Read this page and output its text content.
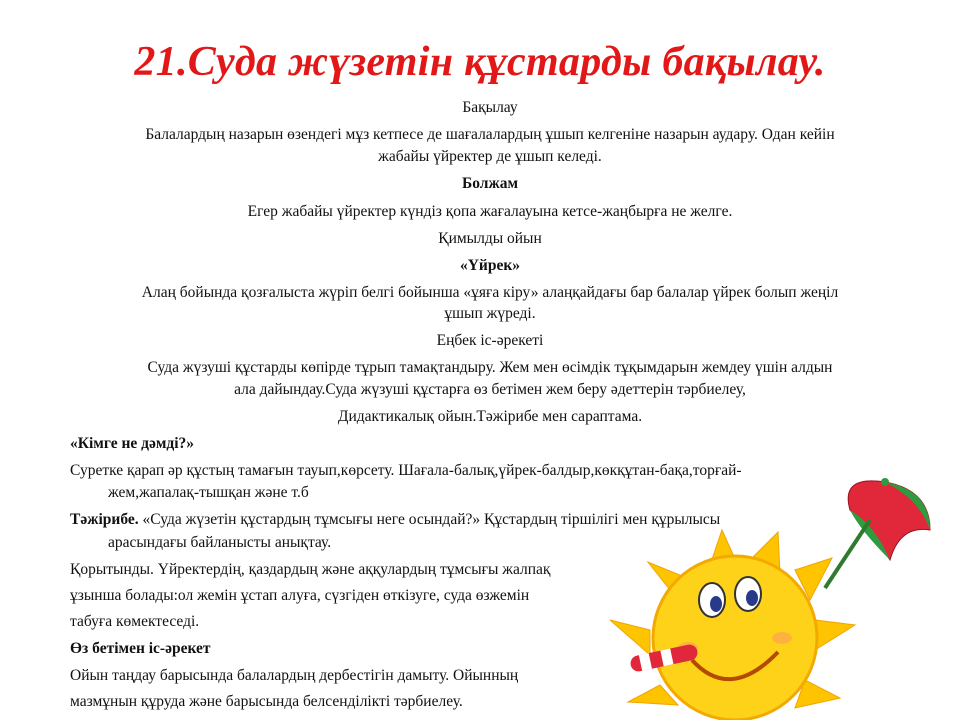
21.Суда жүзетін құстарды бақылау.
Бақылау
Балалардың назарын өзендегі мұз кетпесе де шағалалардың ұшып келгеніне назарын аудару. Одан кейін
жабайы үйректер де ұшып келеді.
Болжам
Егер жабайы үйректер күндіз қопа жағалауына кетсе-жаңбырға не желге.
Қимылды ойын
«Үйрек»
Алаң бойында қозғалыста жүріп белгі бойынша «ұяға кіру» алаңқайдағы бар балалар үйрек болып жеңіл
ұшып жүреді.
Еңбек іс-әрекеті
Суда жүзуші құстарды көпірде тұрып тамақтандыру. Жем мен өсімдік тұқымдарын жемдеу үшін алдын
ала дайындау.Суда жүзуші құстарға өз бетімен жем беру әдеттерін тәрбиелеу,
Дидактикалық ойын.Тәжірибе мен сараптама.
«Кімге не дәмді?»
Суретке қарап әр құстың тамағын тауып,көрсету. Шағала-балық,үйрек-балдыр,көкқұтан-бақа,торғай-
жем,жапалақ-тышқан және т.б
Тәжірибе. «Суда жүзетін құстардың тұмсығы неге осындай?» Құстардың тіршілігі мен құрылысы
арасындағы байланысты анықтау.
Қорытынды. Үйректердің, қаздардың және аққулардың тұмсығы жалпақ
ұзынша болады:ол жемін ұстап алуға, сүзгіден өткізуге, суда өзжемін
табуға көмектеседі.
Өз бетімен іс-әрекет
Ойын таңдау барысында балалардың дербестігін дамыту. Ойынның
мазмұнын құруда және барысында белсенділікті тәрбиелеу.
